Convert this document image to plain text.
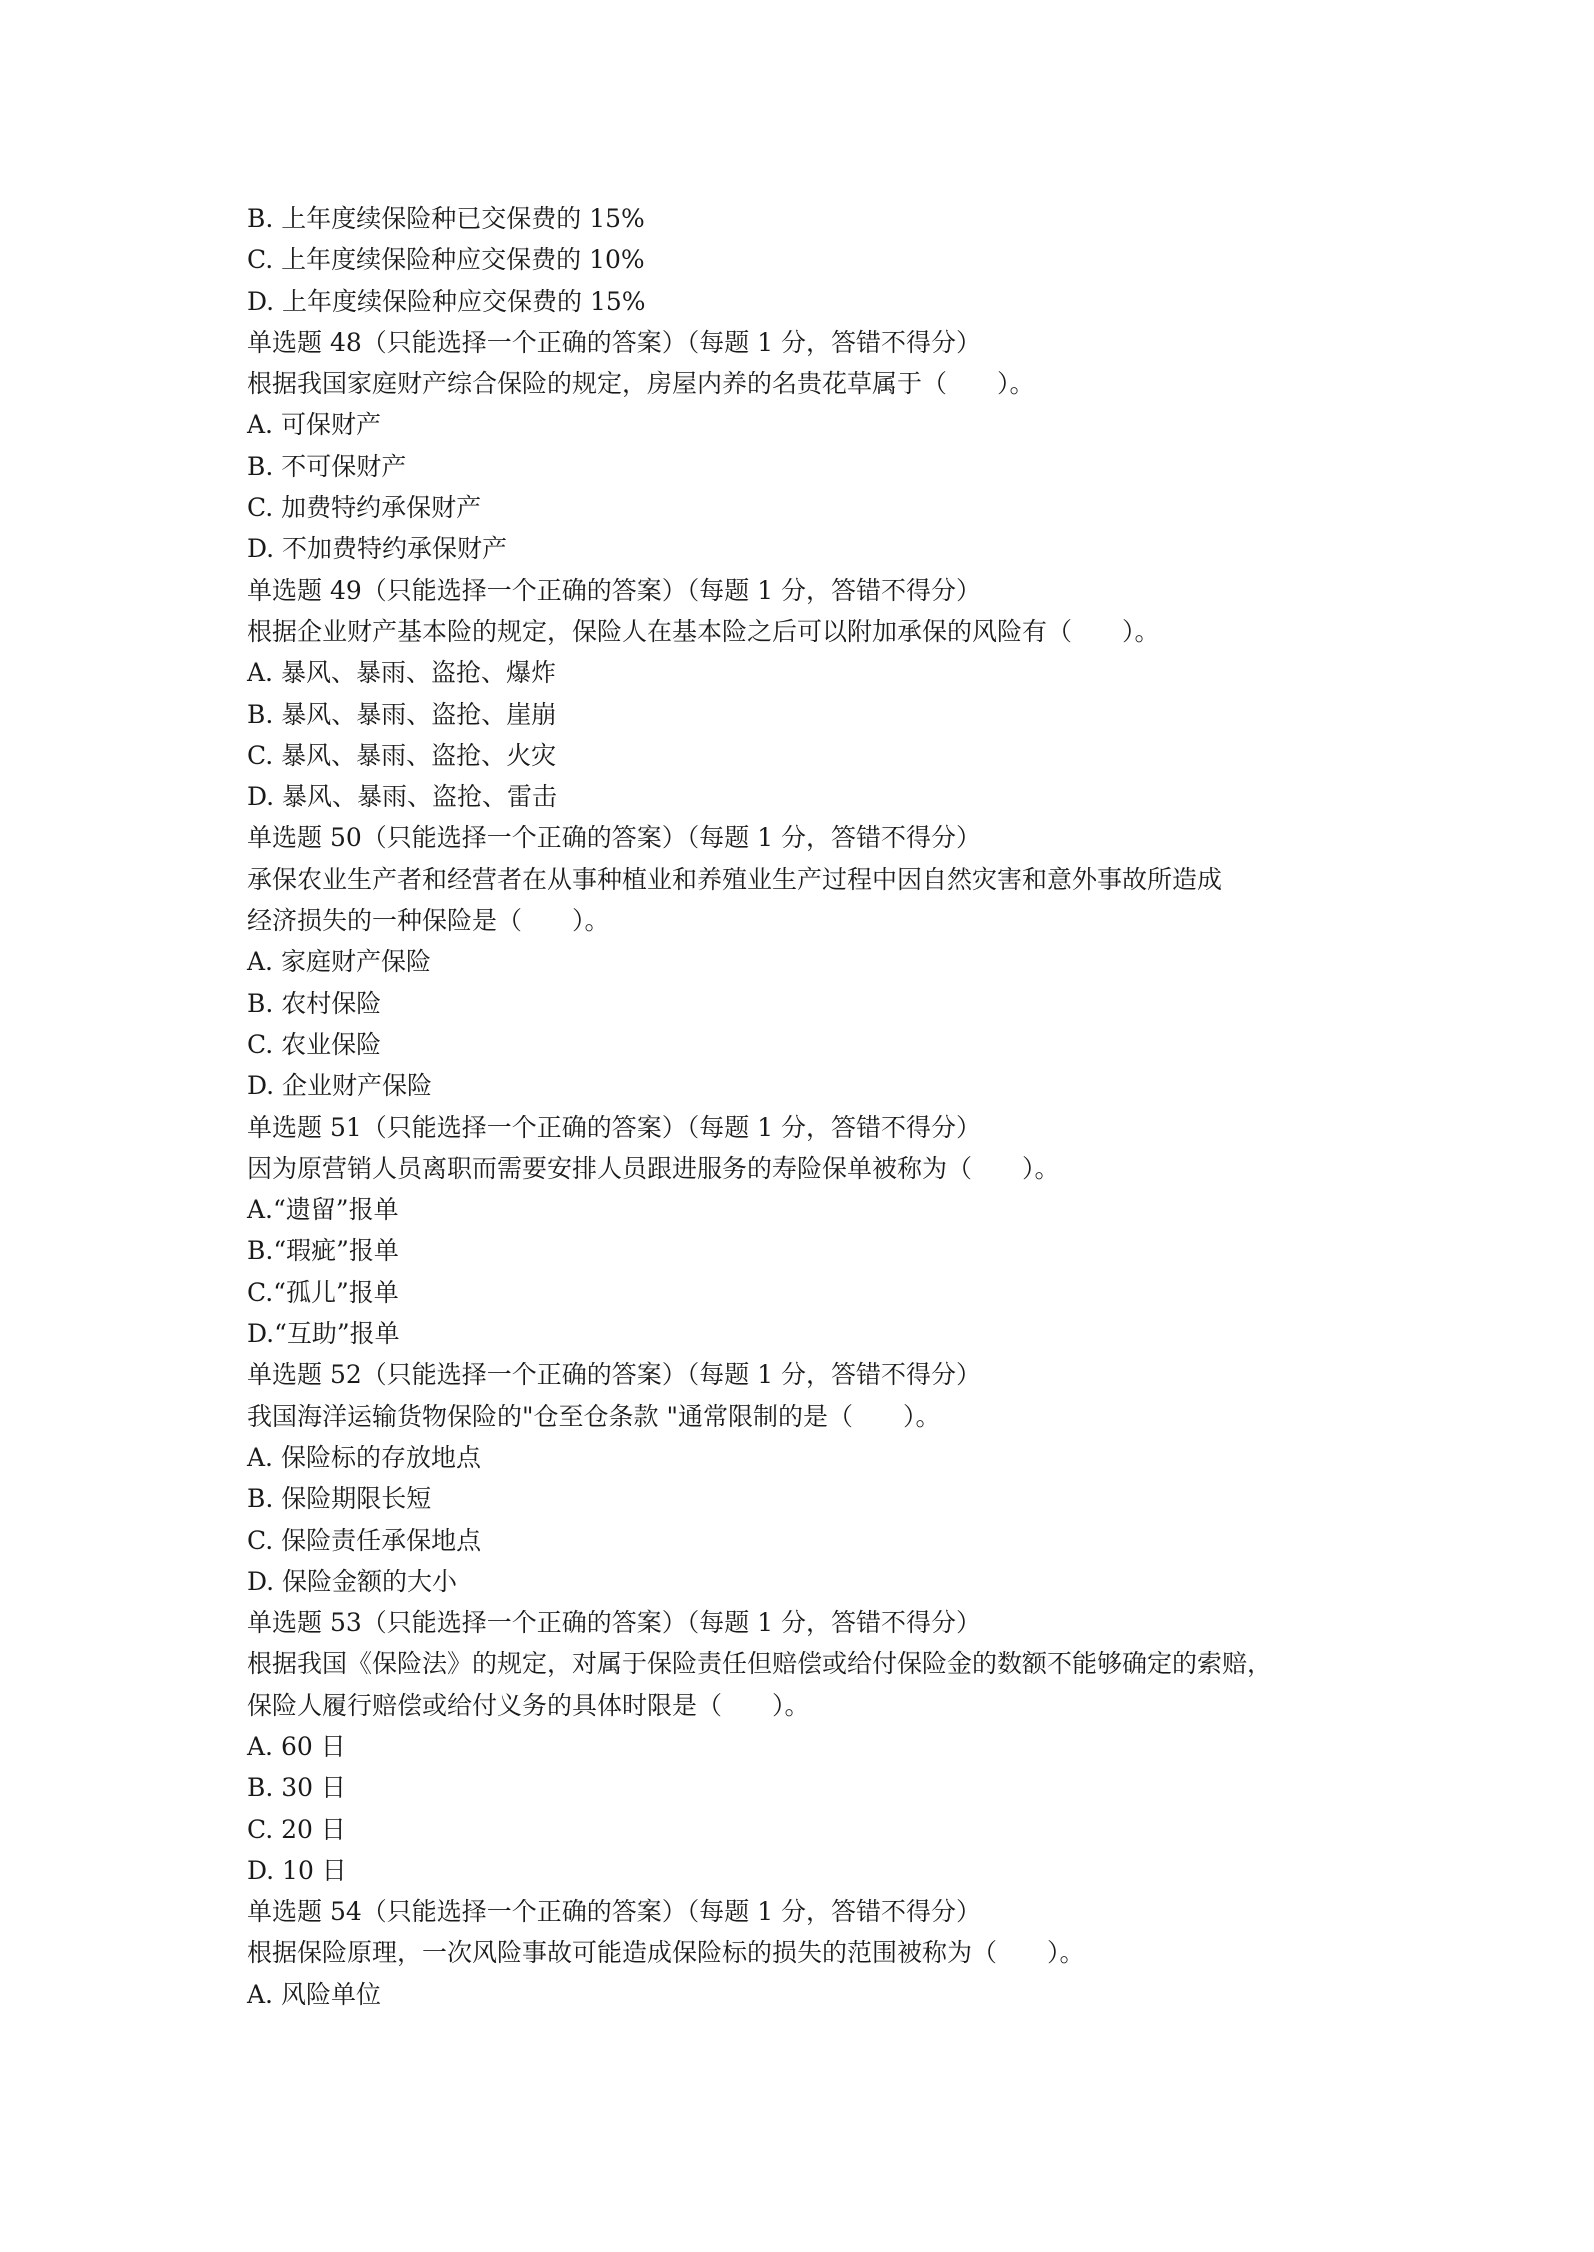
B. 上年度续保险种已交保费的 15%
C. 上年度续保险种应交保费的 10%
D. 上年度续保险种应交保费的 15%
单选题 48（只能选择一个正确的答案）（每题 1 分，答错不得分）
根据我国家庭财产综合保险的规定，房屋内养的名贵花草属于（　　）。
A. 可保财产
B. 不可保财产
C. 加费特约承保财产
D. 不加费特约承保财产
单选题 49（只能选择一个正确的答案）（每题 1 分，答错不得分）
根据企业财产基本险的规定，保险人在基本险之后可以附加承保的风险有（　　）。
A. 暴风、暴雨、盗抢、爆炸
B. 暴风、暴雨、盗抢、崖崩
C. 暴风、暴雨、盗抢、火灾
D. 暴风、暴雨、盗抢、雷击
单选题 50（只能选择一个正确的答案）（每题 1 分，答错不得分）
承保农业生产者和经营者在从事种植业和养殖业生产过程中因自然灾害和意外事故所造成
经济损失的一种保险是（　　）。
A. 家庭财产保险
B. 农村保险
C. 农业保险
D. 企业财产保险
单选题 51（只能选择一个正确的答案）（每题 1 分，答错不得分）
因为原营销人员离职而需要安排人员跟进服务的寿险保单被称为（　　）。
A.“遗留”报单
B.“瑕疵”报单
C.“孤儿”报单
D.“互助”报单
单选题 52（只能选择一个正确的答案）（每题 1 分，答错不得分）
我国海洋运输货物保险的"仓至仓条款 "通常限制的是（　　）。
A. 保险标的存放地点
B. 保险期限长短
C. 保险责任承保地点
D. 保险金额的大小
单选题 53（只能选择一个正确的答案）（每题 1 分，答错不得分）
根据我国《保险法》的规定，对属于保险责任但赔偿或给付保险金的数额不能够确定的索赔，
保险人履行赔偿或给付义务的具体时限是（　　）。
A. 60 日
B. 30 日
C. 20 日
D. 10 日
单选题 54（只能选择一个正确的答案）（每题 1 分，答错不得分）
根据保险原理，一次风险事故可能造成保险标的损失的范围被称为（　　）。
A. 风险单位
